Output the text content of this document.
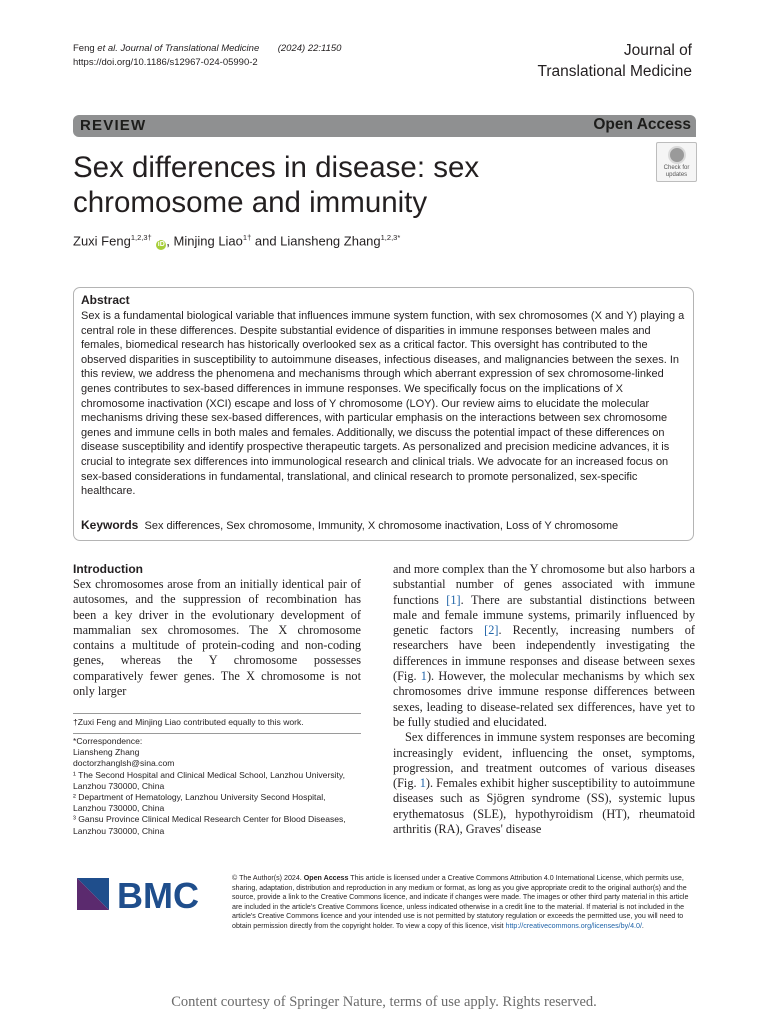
Feng et al. Journal of Translational Medicine (2024) 22:1150
https://doi.org/10.1186/s12967-024-05990-2
Journal of
Translational Medicine
REVIEW	Open Access
Sex differences in disease: sex chromosome and immunity
Check for
updates
Zuxi Feng$^{1,2,3\dagger}$ iD , Minjing Liao$^{1\dagger}$ and Liansheng Zhang$^{1,2,3*}$
Abstract
Sex is a fundamental biological variable that influences immune system function, with sex chromosomes (X and Y) playing a central role in these differences. Despite substantial evidence of disparities in immune responses between males and females, biomedical research has historically overlooked sex as a critical factor. This oversight has contributed to the observed disparities in susceptibility to autoimmune diseases, infectious diseases, and malignancies between the sexes. In this review, we address the phenomena and mechanisms through which aberrant expression of sex chromosome-linked genes contributes to sex-based differences in immune responses. We specifically focus on the implications of X chromosome inactivation (XCI) escape and loss of Y chromosome (LOY). Our review aims to elucidate the molecular mechanisms driving these sex-based differences, with particular emphasis on the interactions between sex chromosome genes and immune cells in both males and females. Additionally, we discuss the potential impact of these differences on disease susceptibility and identify prospective therapeutic targets. As personalized and precision medicine advances, it is crucial to integrate sex differences into immunological research and clinical trials. We advocate for an increased focus on sex-based considerations in fundamental, translational, and clinical research to promote personalized, sex-specific healthcare.
Keywords Sex differences, Sex chromosome, Immunity, X chromosome inactivation, Loss of Y chromosome
Introduction

Sex chromosomes arose from an initially identical pair of autosomes, and the suppression of recombination has been a key driver in the evolutionary development of mammalian sex chromosomes. The X chromosome contains a multitude of protein-coding and non-coding genes, whereas the Y chromosome possesses comparatively fewer genes. The X chromosome is not only larger

and more complex than the Y chromosome but also harbors a substantial number of genes associated with immune functions [1]. There are substantial distinctions between male and female immune systems, primarily influenced by genetic factors [2]. Recently, increasing numbers of researchers have been independently investigating the differences in immune responses and disease between sexes (Fig. 1). However, the molecular mechanisms by which sex chromosomes drive immune response differences between sexes, leading to disease-related sex differences, have yet to be fully studied and elucidated.

Sex differences in immune system responses are becoming increasingly evident, influencing the onset, symptoms, progression, and treatment outcomes of various diseases (Fig. 1). Females exhibit higher susceptibility to autoimmune diseases such as Sjögren syndrome (SS), systemic lupus erythematosus (SLE), hypothyroidism (HT), rheumatoid arthritis (RA), Graves' disease

†Zuxi Feng and Minjing Liao contributed equally to this work.
*Correspondence:
Liansheng Zhang
doctorzhanglsh@sina.com
¹ The Second Hospital and Clinical Medical School, Lanzhou University,
Lanzhou 730000, China
² Department of Hematology, Lanzhou University Second Hospital,
Lanzhou 730000, China
³ Gansu Province Clinical Medical Research Center for Blood Diseases,
Lanzhou 730000, China
BMC	© The Author(s) 2024. Open Access This article is licensed under a Creative Commons Attribution 4.0 International License, which permits use, sharing, adaptation, distribution and reproduction in any medium or format, as long as you give appropriate credit to the original author(s) and the source, provide a link to the Creative Commons licence, and indicate if changes were made. The images or other third party material in this article are included in the article's Creative Commons licence, unless indicated otherwise in a credit line to the material. If material is not included in the article's Creative Commons licence and your intended use is not permitted by statutory regulation or exceeds the permitted use, you will need to obtain permission directly from the copyright holder. To view a copy of this licence, visit http://creativecommons.org/licenses/by/4.0/.
Content courtesy of Springer Nature, terms of use apply. Rights reserved.
